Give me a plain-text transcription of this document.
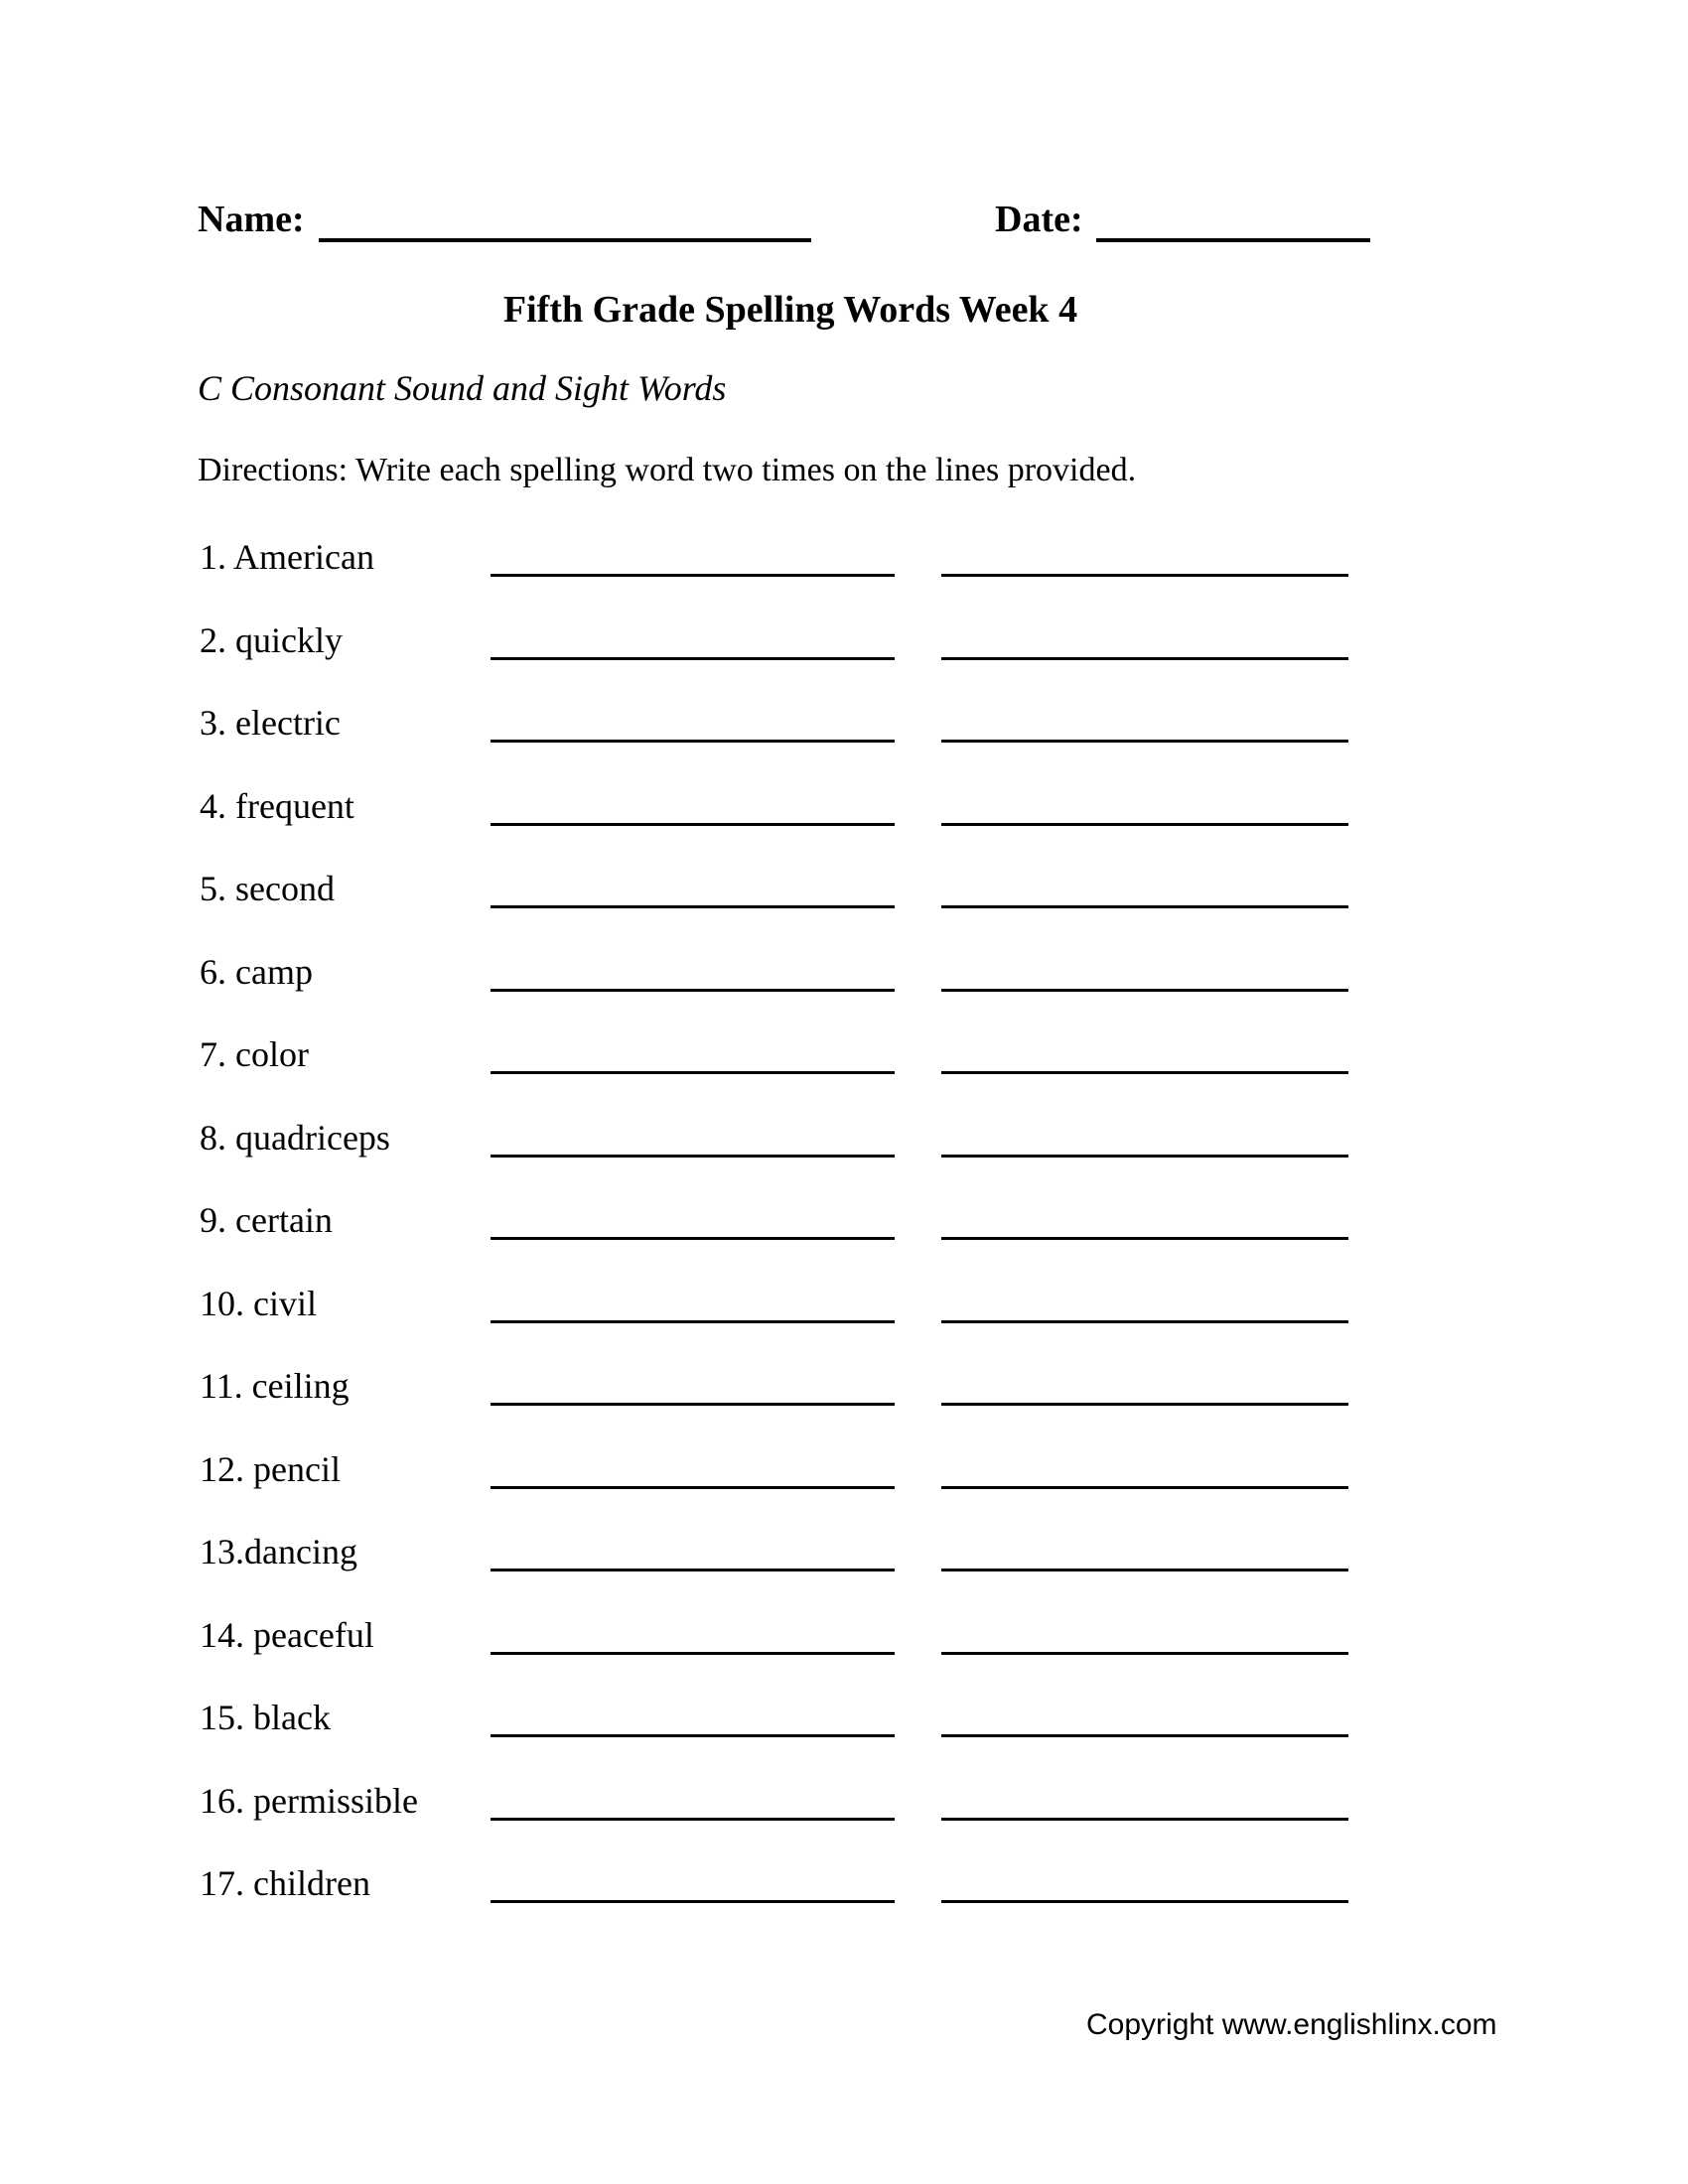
Name:	Date:
Fifth Grade Spelling Words Week 4
C Consonant Sound and Sight Words
Directions: Write each spelling word two times on the lines provided.
1. American
2. quickly
3. electric
4. frequent
5. second
6. camp
7. color
8. quadriceps
9. certain
10. civil
11. ceiling
12. pencil
13.dancing
14. peaceful
15. black
16. permissible
17. children
Copyright www.englishlinx.com
